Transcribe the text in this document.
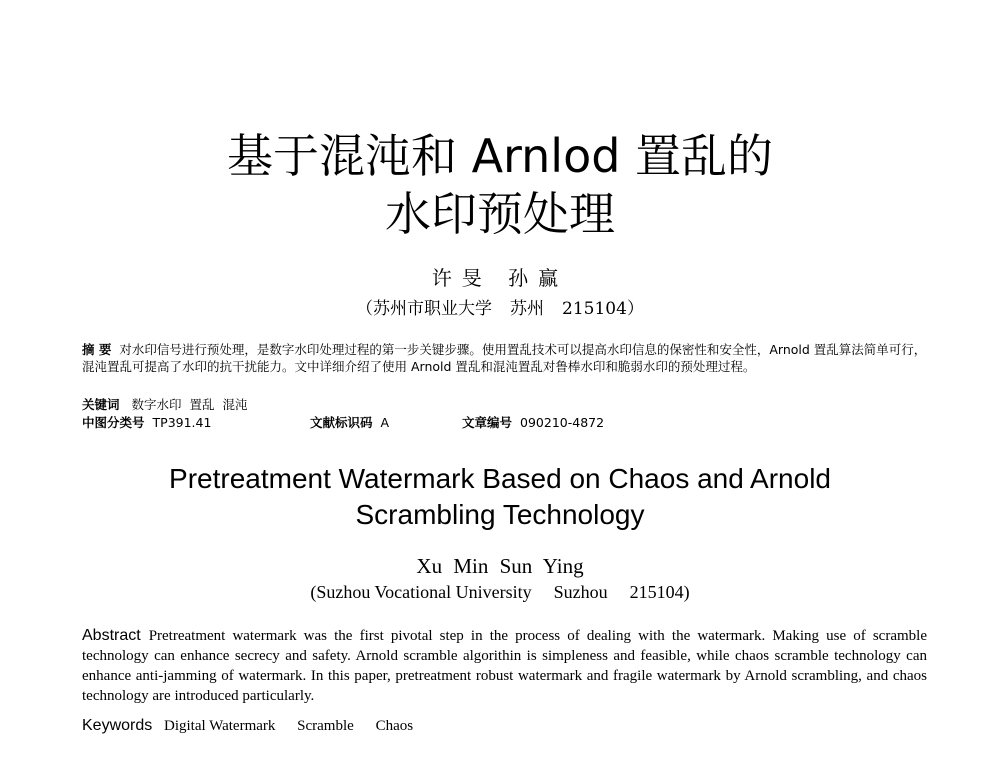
基于混沌和 Arnlod 置乱的
水印预处理
许旻 孙赢
（苏州市职业大学 苏州 215104）
摘 要 对水印信号进行预处理，是数字水印处理过程的第一步关键步骤。使用置乱技术可以提高水印信息的保密性和安全性，Arnold 置乱算法简单可行，混沌置乱可提高了水印的抗干扰能力。文中详细介绍了使用 Arnold 置乱和混沌置乱对鲁棒水印和脆弱水印的预处理过程。
关键词 数字水印 置乱 混沌
中图分类号 TP391.41	文献标识码 A	文章编号 090210-4872
Pretreatment Watermark Based on Chaos and Arnold
Scrambling Technology
Xu Min Sun Ying
(Suzhou Vocational University Suzhou 215104)
Abstract Pretreatment watermark was the first pivotal step in the process of dealing with the watermark. Making use of scramble technology can enhance secrecy and safety. Arnold scramble algorithin is simpleness and feasible, while chaos scramble technology can enhance anti-jamming of watermark. In this paper, pretreatment robust watermark and fragile watermark by Arnold scrambling, and chaos technology are introduced particularly.
Keywords Digital Watermark Scramble Chaos
